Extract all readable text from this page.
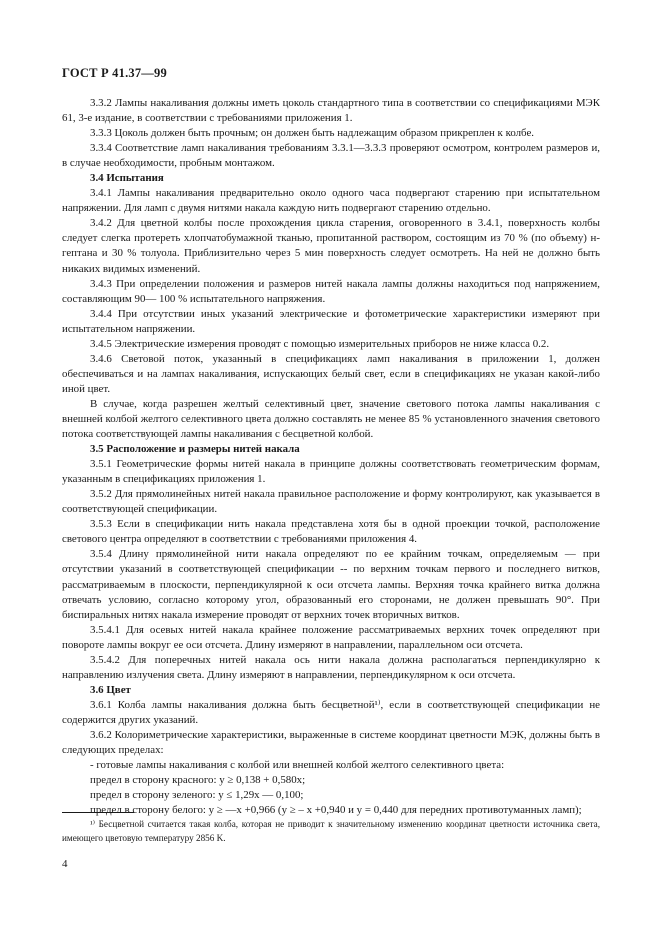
ГОСТ Р 41.37—99

3.3.2 Лампы накаливания должны иметь цоколь стандартного типа в соответствии со спецификациями МЭК 61, 3-е издание, в соответствии с требованиями приложения 1.

3.3.3 Цоколь должен быть прочным; он должен быть надлежащим образом прикреплен к колбе.

3.3.4 Соответствие ламп накаливания требованиям 3.3.1—3.3.3 проверяют осмотром, контролем размеров и, в случае необходимости, пробным монтажом.

3.4 Испытания

3.4.1 Лампы накаливания предварительно около одного часа подвергают старению при испытательном напряжении. Для ламп с двумя нитями накала каждую нить подвергают старению отдельно.

3.4.2 Для цветной колбы после прохождения цикла старения, оговоренного в 3.4.1, поверхность колбы следует слегка протереть хлопчатобумажной тканью, пропитанной раствором, состоящим из 70 % (по объему) н-гептана и 30 % толуола. Приблизительно через 5 мин поверхность следует осмотреть. На ней не должно быть никаких видимых изменений.

3.4.3 При определении положения и размеров нитей накала лампы должны находиться под напряжением, составляющим 90— 100 % испытательного напряжения.

3.4.4 При отсутствии иных указаний электрические и фотометрические характеристики измеряют при испытательном напряжении.

3.4.5 Электрические измерения проводят с помощью измерительных приборов не ниже класса 0.2.

3.4.6 Световой поток, указанный в спецификациях ламп накаливания в приложении 1, должен обеспечиваться и на лампах накаливания, испускающих белый свет, если в спецификациях не указан какой-либо иной цвет.

В случае, когда разрешен желтый селективный цвет, значение светового потока лампы накаливания с внешней колбой желтого селективного цвета должно составлять не менее 85 % установленного значения светового потока соответствующей лампы накаливания с бесцветной колбой.

3.5 Расположение и размеры нитей накала

3.5.1 Геометрические формы нитей накала в принципе должны соответствовать геометрическим формам, указанным в спецификациях приложения 1.

3.5.2 Для прямолинейных нитей накала правильное расположение и форму контролируют, как указывается в соответствующей спецификации.

3.5.3 Если в спецификации нить накала представлена хотя бы в одной проекции точкой, расположение светового центра определяют в соответствии с требованиями приложения 4.

3.5.4 Длину прямолинейной нити накала определяют по ее крайним точкам, определяемым — при отсутствии указаний в соответствующей спецификации -- по верхним точкам первого и последнего витков, рассматриваемым в плоскости, перпендикулярной к оси отсчета лампы. Верхняя точка крайнего витка должна отвечать условию, согласно которому угол, образованный его сторонами, не должен превышать 90°. При биспиральных нитях накала измерение проводят от верхних точек вторичных витков.

3.5.4.1 Для осевых нитей накала крайнее положение рассматриваемых верхних точек определяют при повороте лампы вокруг ее оси отсчета. Длину измеряют в направлении, параллельном оси отсчета.

3.5.4.2 Для поперечных нитей накала ось нити накала должна располагаться перпендикулярно к направлению излучения света. Длину измеряют в направлении, перпендикулярном к оси отсчета.

3.6 Цвет

3.6.1 Колба лампы накаливания должна быть бесцветной¹⁾, если в соответствующей спецификации не содержится других указаний.

3.6.2 Колориметрические характеристики, выраженные в системе координат цветности МЭК, должны быть в следующих пределах:

- готовые лампы накаливания с колбой или внешней колбой желтого селективного цвета:

предел в сторону красного: y ≥ 0,138 + 0,580x;

предел в сторону зеленого: y ≤ 1,29x — 0,100;

предел в сторону белого: y ≥ —x +0,966 (y ≥ – x +0,940 и y = 0,440 для передних противотуманных ламп);

¹⁾ Бесцветной считается такая колба, которая не приводит к значительному изменению координат цветности источника света, имеющего цветовую температуру 2856 K.
4
